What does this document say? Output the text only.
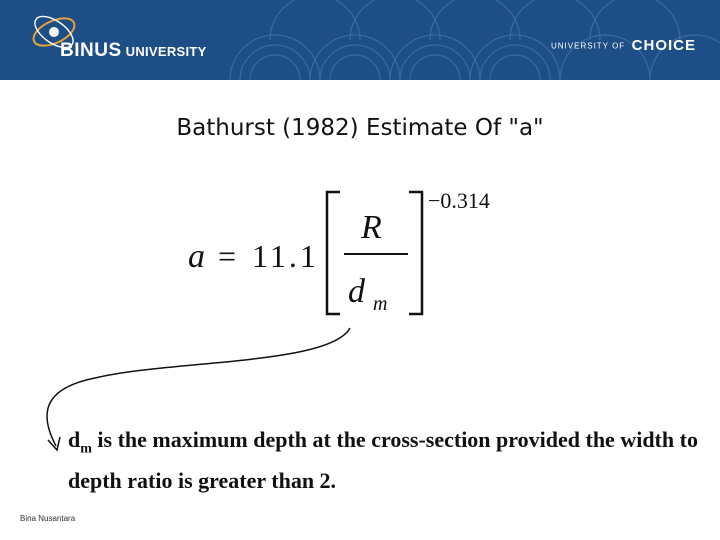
BINUS UNIVERSITY	UNIVERSITY OF CHOICE
Bathurst (1982) Estimate Of "a"
a = 11.1
R
d m
−0.314
$d_m$ is the maximum depth at the cross-section provided the width to depth ratio is greater than 2.
Bina Nusantara
